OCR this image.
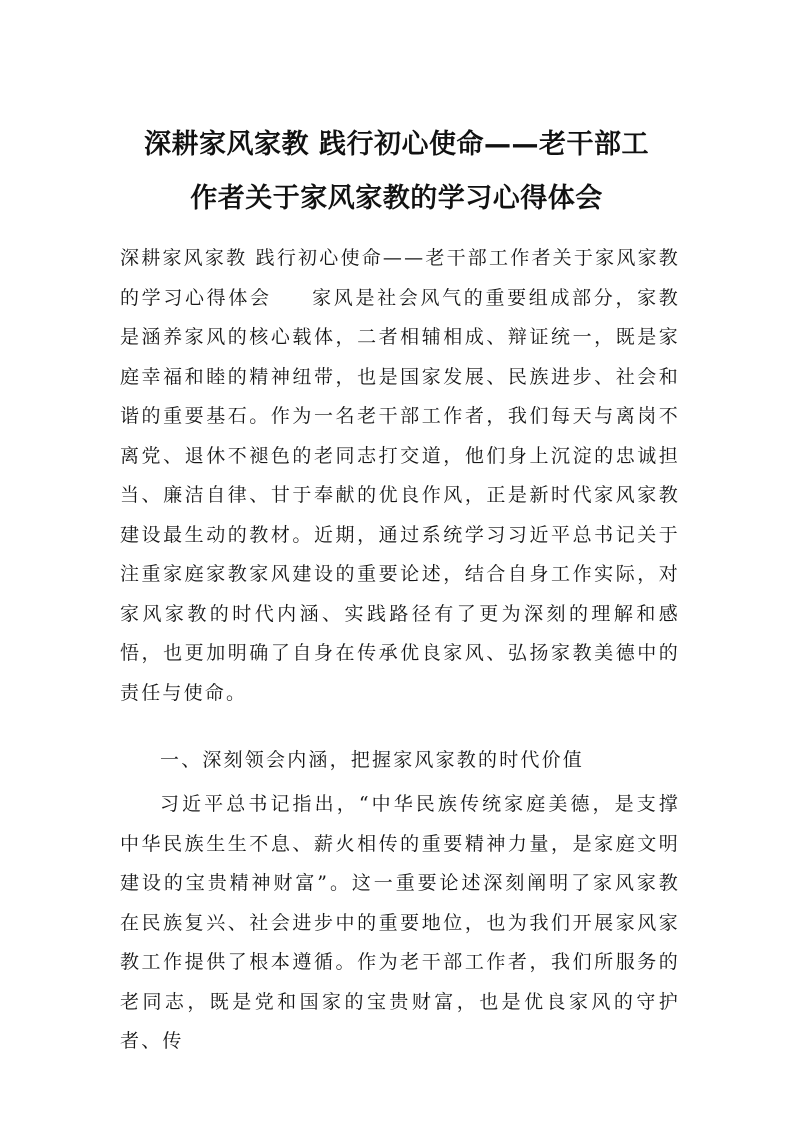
深耕家风家教 践行初心使命——老干部工
作者关于家风家教的学习心得体会

深耕家风家教 践行初心使命——老干部工作者关于家风家教的学习心得体会 家风是社会风气的重要组成部分，家教是涵养家风的核心载体，二者相辅相成、辩证统一，既是家庭幸福和睦的精神纽带，也是国家发展、民族进步、社会和谐的重要基石。作为一名老干部工作者，我们每天与离岗不离党、退休不褪色的老同志打交道，他们身上沉淀的忠诚担当、廉洁自律、甘于奉献的优良作风，正是新时代家风家教建设最生动的教材。近期，通过系统学习习近平总书记关于注重家庭家教家风建设的重要论述，结合自身工作实际，对家风家教的时代内涵、实践路径有了更为深刻的理解和感悟，也更加明确了自身在传承优良家风、弘扬家教美德中的责任与使命。

一、深刻领会内涵，把握家风家教的时代价值

习近平总书记指出，“中华民族传统家庭美德，是支撑中华民族生生不息、薪火相传的重要精神力量，是家庭文明建设的宝贵精神财富”。这一重要论述深刻阐明了家风家教在民族复兴、社会进步中的重要地位，也为我们开展家风家教工作提供了根本遵循。作为老干部工作者，我们所服务的老同志，既是党和国家的宝贵财富，也是优良家风的守护者、传
